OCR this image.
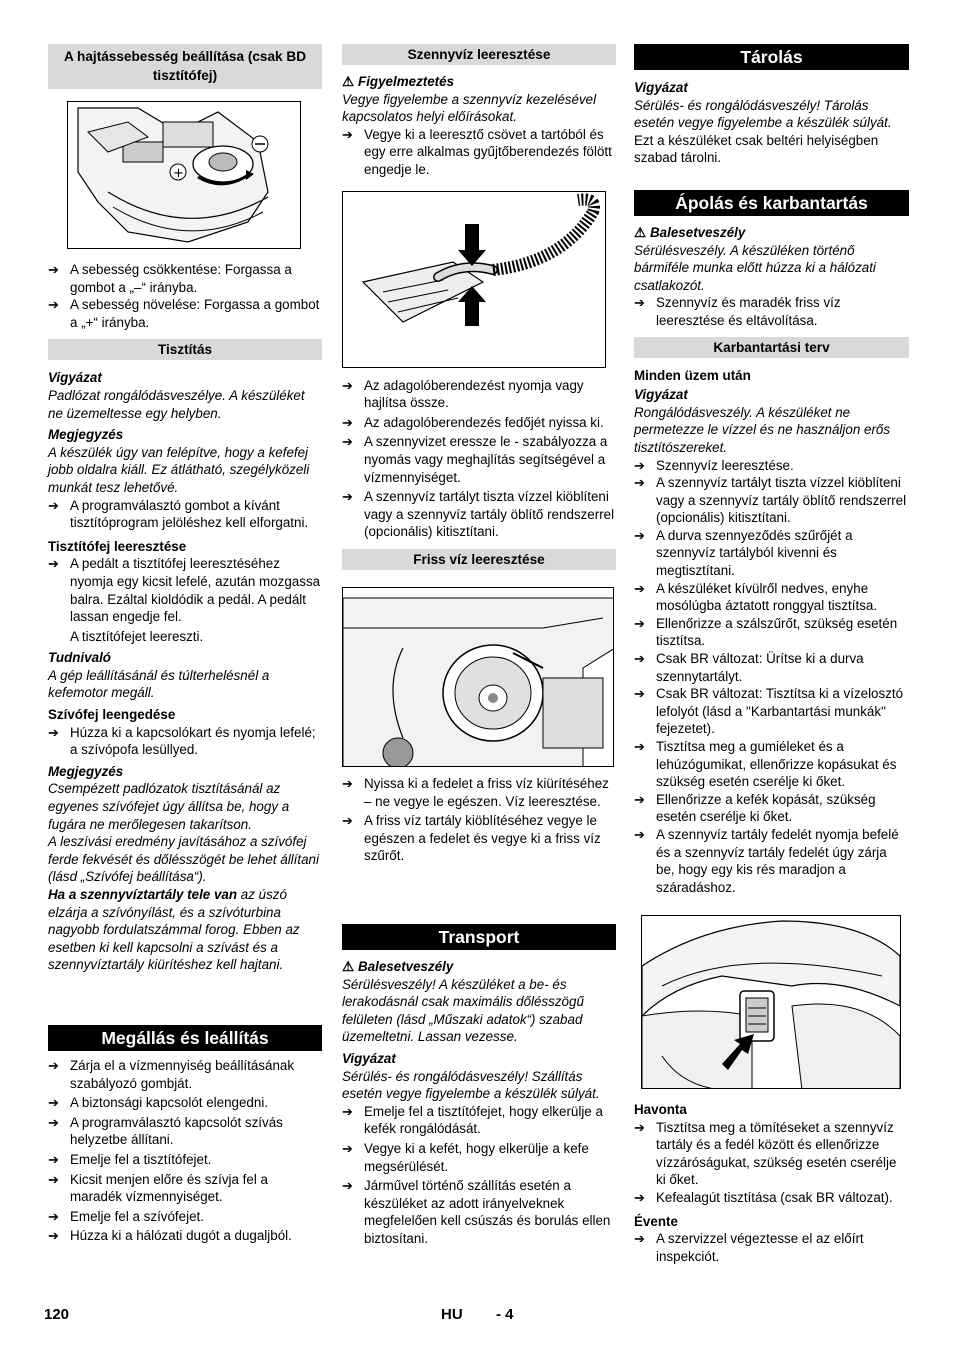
A hajtássebesség beállítása (csak BD tisztítófej)
+
➔ A sebesség csökkentése: Forgassa a gombot a „–“ irányba.
➔ A sebesség növelése: Forgassa a gombot a „+“ irányba.
Tisztítás
Vigyázat
Padlózat rongálódásveszélye. A készüléket ne üzemeltesse egy helyben.
Megjegyzés
A készülék úgy van felépítve, hogy a kefefej jobb oldalra kiáll. Ez átlátható, szegélyközeli munkát tesz lehetővé.
➔ A programválasztó gombot a kívánt tisztítóprogram jelöléshez kell elforgatni.
Tisztítófej leeresztése
➔ A pedált a tisztítófej leeresztéséhez nyomja egy kicsit lefelé, azután mozgassa balra. Ezáltal kioldódik a pedál. A pedált lassan engedje fel.
A tisztítófejet leereszti.
Tudnivaló
A gép leállításánál és túlterhelésnél a kefemotor megáll.
Szívófej leengedése
➔ Húzza ki a kapcsolókart és nyomja lefelé; a szívópofa lesüllyed.
Megjegyzés
Csempézett padlózatok tisztításánál az egyenes szívófejet úgy állítsa be, hogy a fugára ne merőlegesen takarítson.
A leszívási eredmény javításához a szívófej ferde fekvését és dőlésszögét be lehet állítani (lásd „Szívófej beállítása“).
Ha a szennyvíztartály tele van az úszó elzárja a szívónyílást, és a szívóturbina nagyobb fordulatszámmal forog. Ebben az esetben ki kell kapcsolni a szívást és a szennyvíztartály kiürítéshez kell hajtani.
Megállás és leállítás
➔ Zárja el a vízmennyiség beállításának szabályozó gombját.
➔ A biztonsági kapcsolót elengedni.
➔ A programválasztó kapcsolót szívás helyzetbe állítani.
➔ Emelje fel a tisztítófejet.
➔ Kicsit menjen előre és szívja fel a maradék vízmennyiséget.
➔ Emelje fel a szívófejet.
➔ Húzza ki a hálózati dugót a dugaljból.
Szennyvíz leeresztése
⚠ Figyelmeztetés
Vegye figyelembe a szennyvíz kezelésével kapcsolatos helyi előírásokat.
➔ Vegye ki a leeresztő csövet a tartóból és egy erre alkalmas gyűjtőberendezés fölött engedje le.
➔ Az adagolóberendezést nyomja vagy hajlítsa össze.
➔ Az adagolóberendezés fedőjét nyissa ki.
➔ A szennyvizet eressze le - szabályozza a nyomás vagy meghajlítás segítségével a vízmennyiséget.
➔ A szennyvíz tartályt tiszta vízzel kiöblíteni vagy a szennyvíz tartály öblítő rendszerrel (opcionális) kitisztítani.
Friss víz leeresztése
➔ Nyissa ki a fedelet a friss víz kiürítéséhez – ne vegye le egészen. Víz leeresztése.
➔ A friss víz tartály kiöblítéséhez vegye le egészen a fedelet és vegye ki a friss víz szűrőt.
Transport
⚠ Balesetveszély
Sérülésveszély! A készüléket a be- és lerakodásnál csak maximális dőlésszögű felületen (lásd „Műszaki adatok“) szabad üzemeltetni. Lassan vezesse.
Vigyázat
Sérülés- és rongálódásveszély! Szállítás esetén vegye figyelembe a készülék súlyát.
➔ Emelje fel a tisztítófejet, hogy elkerülje a kefék rongálódását.
➔ Vegye ki a kefét, hogy elkerülje a kefe megsérülését.
➔ Járművel történő szállítás esetén a készüléket az adott irányelveknek megfelelően kell csúszás és borulás ellen biztosítani.
Tárolás
Vigyázat
Sérülés- és rongálódásveszély! Tárolás esetén vegye figyelembe a készülék súlyát.
Ezt a készüléket csak beltéri helyiségben szabad tárolni.
Ápolás és karbantartás
⚠ Balesetveszély
Sérülésveszély. A készüléken történő bármiféle munka előtt húzza ki a hálózati csatlakozót.
➔ Szennyvíz és maradék friss víz leeresztése és eltávolítása.
Karbantartási terv
Minden üzem után
Vigyázat
Rongálódásveszély. A készüléket ne permetezze le vízzel és ne használjon erős tisztítószereket.
➔ Szennyvíz leeresztése.
➔ A szennyvíz tartályt tiszta vízzel kiöblíteni vagy a szennyvíz tartály öblítő rendszerrel (opcionális) kitisztítani.
➔ A durva szennyeződés szűrőjét a szennyvíz tartályból kivenni és megtisztítani.
➔ A készüléket kívülről nedves, enyhe mosólúgba áztatott ronggyal tisztítsa.
➔ Ellenőrizze a szálszűrőt, szükség esetén tisztítsa.
➔ Csak BR változat: Ürítse ki a durva szennytartályt.
➔ Csak BR változat: Tisztítsa ki a vízelosztó lefolyót (lásd a "Karbantartási munkák" fejezetet).
➔ Tisztítsa meg a gumiéleket és a lehúzógumikat, ellenőrizze kopásukat és szükség esetén cserélje ki őket.
➔ Ellenőrizze a kefék kopását, szükség esetén cserélje ki őket.
➔ A szennyvíz tartály fedelét nyomja befelé és a szennyvíz tartály fedelét úgy zárja be, hogy egy kis rés maradjon a száradáshoz.
Havonta
➔ Tisztítsa meg a tömítéseket a szennyvíz tartály és a fedél között és ellenőrizze vízzáróságukat, szükség esetén cserélje ki őket.
➔ Kefealagút tisztítása (csak BR változat).
Évente
➔ A szervizzel végeztesse el az előírt inspekciót.
120	HU - 4
